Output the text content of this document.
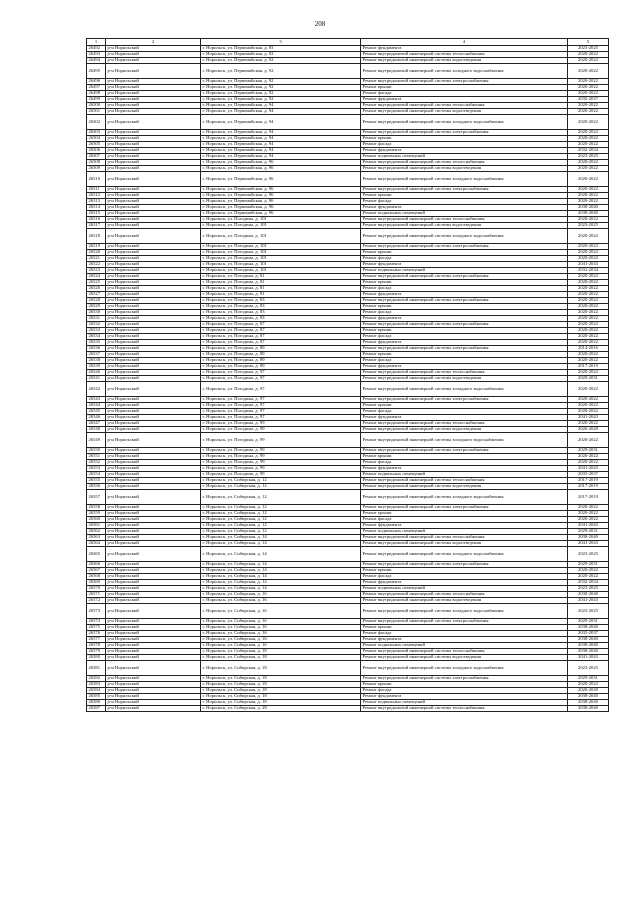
208
1	2	3	4	5
26492	р-н Норильский	г. Норильск, ул. Первомайская, д. 83	Ремонт фундамента	2023-2025
26493	р-н Норильский	г. Норильск, ул. Первомайская, д. 92	Ремонт внутридомовой инженерной системы теплоснабжения	2020-2022
26494	р-н Норильский	г. Норильск, ул. Первомайская, д. 92	Ремонт внутридомовой инженерной системы водоотведения	2020-2022
26495	р-н Норильский	г. Норильск, ул. Первомайская, д. 92	Ремонт внутридомовой инженерной системы холодного водоснабжения	2020-2022
26496	р-н Норильский	г. Норильск, ул. Первомайская, д. 92	Ремонт внутридомовой инженерной системы электроснабжения	2020-2022
26497	р-н Норильский	г. Норильск, ул. Первомайская, д. 92	Ремонт крыши	2020-2022
26498	р-н Норильский	г. Норильск, ул. Первомайская, д. 92	Ремонт фасада	2020-2022
26499	р-н Норильский	г. Норильск, ул. Первомайская, д. 92	Ремонт фундамента	2035-2037
26500	р-н Норильский	г. Норильск, ул. Первомайская, д. 94	Ремонт внутридомовой инженерной системы теплоснабжения	2020-2022
26501	р-н Норильский	г. Норильск, ул. Первомайская, д. 94	Ремонт внутридомовой инженерной системы водоотведения	2020-2022
26502	р-н Норильский	г. Норильск, ул. Первомайская, д. 94	Ремонт внутридомовой инженерной системы холодного водоснабжения	2020-2022
26503	р-н Норильский	г. Норильск, ул. Первомайская, д. 94	Ремонт внутридомовой инженерной системы электроснабжения	2020-2022
26504	р-н Норильский	г. Норильск, ул. Первомайская, д. 94	Ремонт крыши	2020-2022
26505	р-н Норильский	г. Норильск, ул. Первомайская, д. 94	Ремонт фасада	2020-2022
26506	р-н Норильский	г. Норильск, ул. Первомайская, д. 94	Ремонт фундамента	2032-2034
26507	р-н Норильский	г. Норильск, ул. Первомайская, д. 94	Ремонт подвальных помещений	2023-2025
26508	р-н Норильский	г. Норильск, ул. Первомайская, д. 96	Ремонт внутридомовой инженерной системы теплоснабжения	2020-2022
26509	р-н Норильский	г. Норильск, ул. Первомайская, д. 96	Ремонт внутридомовой инженерной системы водоотведения	2020-2022
26510	р-н Норильский	г. Норильск, ул. Первомайская, д. 96	Ремонт внутридомовой инженерной системы холодного водоснабжения	2020-2022
26511	р-н Норильский	г. Норильск, ул. Первомайская, д. 96	Ремонт внутридомовой инженерной системы электроснабжения	2020-2022
26512	р-н Норильский	г. Норильск, ул. Первомайская, д. 96	Ремонт крыши	2020-2022
26513	р-н Норильский	г. Норильск, ул. Первомайская, д. 96	Ремонт фасада	2020-2022
26514	р-н Норильский	г. Норильск, ул. Первомайская, д. 96	Ремонт фундамента	2038-2040
26515	р-н Норильский	г. Норильск, ул. Первомайская, д. 96	Ремонт подвальных помещений	2038-2040
26516	р-н Норильский	г. Норильск, ул. Погодина, д. 101	Ремонт внутридомовой инженерной системы теплоснабжения	2020-2022
26517	р-н Норильский	г. Норильск, ул. Погодина, д. 101	Ремонт внутридомовой инженерной системы водоотведения	2023-2025
26518	р-н Норильский	г. Норильск, ул. Погодина, д. 101	Ремонт внутридомовой инженерной системы холодного водоснабжения	2020-2022
26519	р-н Норильский	г. Норильск, ул. Погодина, д. 101	Ремонт внутридомовой инженерной системы электроснабжения	2020-2022
26520	р-н Норильский	г. Норильск, ул. Погодина, д. 101	Ремонт крыши	2020-2022
26521	р-н Норильский	г. Норильск, ул. Погодина, д. 101	Ремонт фасада	2020-2022
26522	р-н Норильский	г. Норильск, ул. Погодина, д. 101	Ремонт фундамента	2041-2043
26523	р-н Норильский	г. Норильск, ул. Погодина, д. 101	Ремонт подвальных помещений	2032-2034
26524	р-н Норильский	г. Норильск, ул. Погодина, д. 81	Ремонт внутридомовой инженерной системы электроснабжения	2020-2022
26525	р-н Норильский	г. Норильск, ул. Погодина, д. 81	Ремонт крыши	2020-2022
26526	р-н Норильский	г. Норильск, ул. Погодина, д. 81	Ремонт фасада	2020-2022
26527	р-н Норильский	г. Норильск, ул. Погодина, д. 81	Ремонт фундамента	2020-2022
26528	р-н Норильский	г. Норильск, ул. Погодина, д. 83	Ремонт внутридомовой инженерной системы электроснабжения	2020-2022
26529	р-н Норильский	г. Норильск, ул. Погодина, д. 83	Ремонт крыши	2020-2022
26530	р-н Норильский	г. Норильск, ул. Погодина, д. 83	Ремонт фасада	2020-2022
26531	р-н Норильский	г. Норильск, ул. Погодина, д. 83	Ремонт фундамента	2020-2022
26532	р-н Норильский	г. Норильск, ул. Погодина, д. 87	Ремонт внутридомовой инженерной системы электроснабжения	2020-2022
26533	р-н Норильский	г. Норильск, ул. Погодина, д. 87	Ремонт крыши	2020-2022
26534	р-н Норильский	г. Норильск, ул. Погодина, д. 87	Ремонт фасада	2020-2022
26535	р-н Норильский	г. Норильск, ул. Погодина, д. 87	Ремонт фундамента	2020-2022
26536	р-н Норильский	г. Норильск, ул. Погодина, д. 89	Ремонт внутридомовой инженерной системы электроснабжения	2014-2016
26537	р-н Норильский	г. Норильск, ул. Погодина, д. 89	Ремонт крыши	2020-2022
26538	р-н Норильский	г. Норильск, ул. Погодина, д. 89	Ремонт фасада	2020-2022
26539	р-н Норильский	г. Норильск, ул. Погодина, д. 89	Ремонт фундамента	2017-2019
26540	р-н Норильский	г. Норильск, ул. Погодина, д. 97	Ремонт внутридомовой инженерной системы теплоснабжения	2020-2022
26541	р-н Норильский	г. Норильск, ул. Погодина, д. 97	Ремонт внутридомовой инженерной системы водоотведения	2029-2031
26542	р-н Норильский	г. Норильск, ул. Погодина, д. 97	Ремонт внутридомовой инженерной системы холодного водоснабжения	2020-2022
26543	р-н Норильский	г. Норильск, ул. Погодина, д. 97	Ремонт внутридомовой инженерной системы электроснабжения	2020-2022
26544	р-н Норильский	г. Норильск, ул. Погодина, д. 97	Ремонт крыши	2020-2022
26545	р-н Норильский	г. Норильск, ул. Погодина, д. 97	Ремонт фасада	2020-2022
26546	р-н Норильский	г. Норильск, ул. Погодина, д. 97	Ремонт фундамента	2041-2043
26547	р-н Норильский	г. Норильск, ул. Погодина, д. 99	Ремонт внутридомовой инженерной системы теплоснабжения	2020-2022
26548	р-н Норильский	г. Норильск, ул. Погодина, д. 99	Ремонт внутридомовой инженерной системы водоотведения	2026-2028
26549	р-н Норильский	г. Норильск, ул. Погодина, д. 99	Ремонт внутридомовой инженерной системы холодного водоснабжения	2020-2022
26550	р-н Норильский	г. Норильск, ул. Погодина, д. 99	Ремонт внутридомовой инженерной системы электроснабжения	2029-2031
26551	р-н Норильский	г. Норильск, ул. Погодина, д. 99	Ремонт крыши	2020-2022
26552	р-н Норильский	г. Норильск, ул. Погодина, д. 99	Ремонт фасада	2020-2022
26553	р-н Норильский	г. Норильск, ул. Погодина, д. 99	Ремонт фундамента	2041-2043
26554	р-н Норильский	г. Норильск, ул. Погодина, д. 99	Ремонт подвальных помещений	2035-2037
26555	р-н Норильский	г. Норильск, ул. Сибирская, д. 12	Ремонт внутридомовой инженерной системы теплоснабжения	2017-2019
26556	р-н Норильский	г. Норильск, ул. Сибирская, д. 12	Ремонт внутридомовой инженерной системы водоотведения	2017-2019
26557	р-н Норильский	г. Норильск, ул. Сибирская, д. 12	Ремонт внутридомовой инженерной системы холодного водоснабжения	2017-2019
26558	р-н Норильский	г. Норильск, ул. Сибирская, д. 12	Ремонт внутридомовой инженерной системы электроснабжения	2020-2022
26559	р-н Норильский	г. Норильск, ул. Сибирская, д. 12	Ремонт крыши	2020-2022
26560	р-н Норильский	г. Норильск, ул. Сибирская, д. 12	Ремонт фасада	2020-2022
26561	р-н Норильский	г. Норильск, ул. Сибирская, д. 12	Ремонт фундамента	2041-2043
26562	р-н Норильский	г. Норильск, ул. Сибирская, д. 12	Ремонт подвальных помещений	2029-2031
26563	р-н Норильский	г. Норильск, ул. Сибирская, д. 14	Ремонт внутридомовой инженерной системы теплоснабжения	2038-2040
26564	р-н Норильский	г. Норильск, ул. Сибирская, д. 14	Ремонт внутридомовой инженерной системы водоотведения	2041-2043
26565	р-н Норильский	г. Норильск, ул. Сибирская, д. 14	Ремонт внутридомовой инженерной системы холодного водоснабжения	2023-2025
26566	р-н Норильский	г. Норильск, ул. Сибирская, д. 14	Ремонт внутридомовой инженерной системы электроснабжения	2029-2031
26567	р-н Норильский	г. Норильск, ул. Сибирская, д. 14	Ремонт крыши	2020-2022
26568	р-н Норильский	г. Норильск, ул. Сибирская, д. 14	Ремонт фасада	2020-2022
26569	р-н Норильский	г. Норильск, ул. Сибирская, д. 14	Ремонт фундамента	2032-2034
26570	р-н Норильский	г. Норильск, ул. Сибирская, д. 14	Ремонт подвальных помещений	2023-2025
26571	р-н Норильский	г. Норильск, ул. Сибирская, д. 16	Ремонт внутридомовой инженерной системы теплоснабжения	2038-2040
26572	р-н Норильский	г. Норильск, ул. Сибирская, д. 16	Ремонт внутридомовой инженерной системы водоотведения	2041-2043
26573	р-н Норильский	г. Норильск, ул. Сибирская, д. 16	Ремонт внутридомовой инженерной системы холодного водоснабжения	2023-2025
26574	р-н Норильский	г. Норильск, ул. Сибирская, д. 16	Ремонт внутридомовой инженерной системы электроснабжения	2029-2031
26575	р-н Норильский	г. Норильск, ул. Сибирская, д. 16	Ремонт крыши	2038-2040
26576	р-н Норильский	г. Норильск, ул. Сибирская, д. 16	Ремонт фасада	2035-2037
26577	р-н Норильский	г. Норильск, ул. Сибирская, д. 16	Ремонт фундамента	2038-2040
26578	р-н Норильский	г. Норильск, ул. Сибирская, д. 16	Ремонт подвальных помещений	2038-2040
26579	р-н Норильский	г. Норильск, ул. Сибирская, д. 18	Ремонт внутридомовой инженерной системы теплоснабжения	2038-2040
26580	р-н Норильский	г. Норильск, ул. Сибирская, д. 18	Ремонт внутридомовой инженерной системы водоотведения	2041-2043
26581	р-н Норильский	г. Норильск, ул. Сибирская, д. 18	Ремонт внутридомовой инженерной системы холодного водоснабжения	2023-2025
26582	р-н Норильский	г. Норильск, ул. Сибирская, д. 18	Ремонт внутридомовой инженерной системы электроснабжения	2029-2031
26583	р-н Норильский	г. Норильск, ул. Сибирская, д. 18	Ремонт крыши	2020-2022
26584	р-н Норильский	г. Норильск, ул. Сибирская, д. 18	Ремонт фасада	2026-2028
26585	р-н Норильский	г. Норильск, ул. Сибирская, д. 18	Ремонт фундамента	2038-2040
26586	р-н Норильский	г. Норильск, ул. Сибирская, д. 18	Ремонт подвальных помещений	2038-2040
26587	р-н Норильский	г. Норильск, ул. Сибирская, д. 28	Ремонт внутридомовой инженерной системы теплоснабжения	2038-2040
